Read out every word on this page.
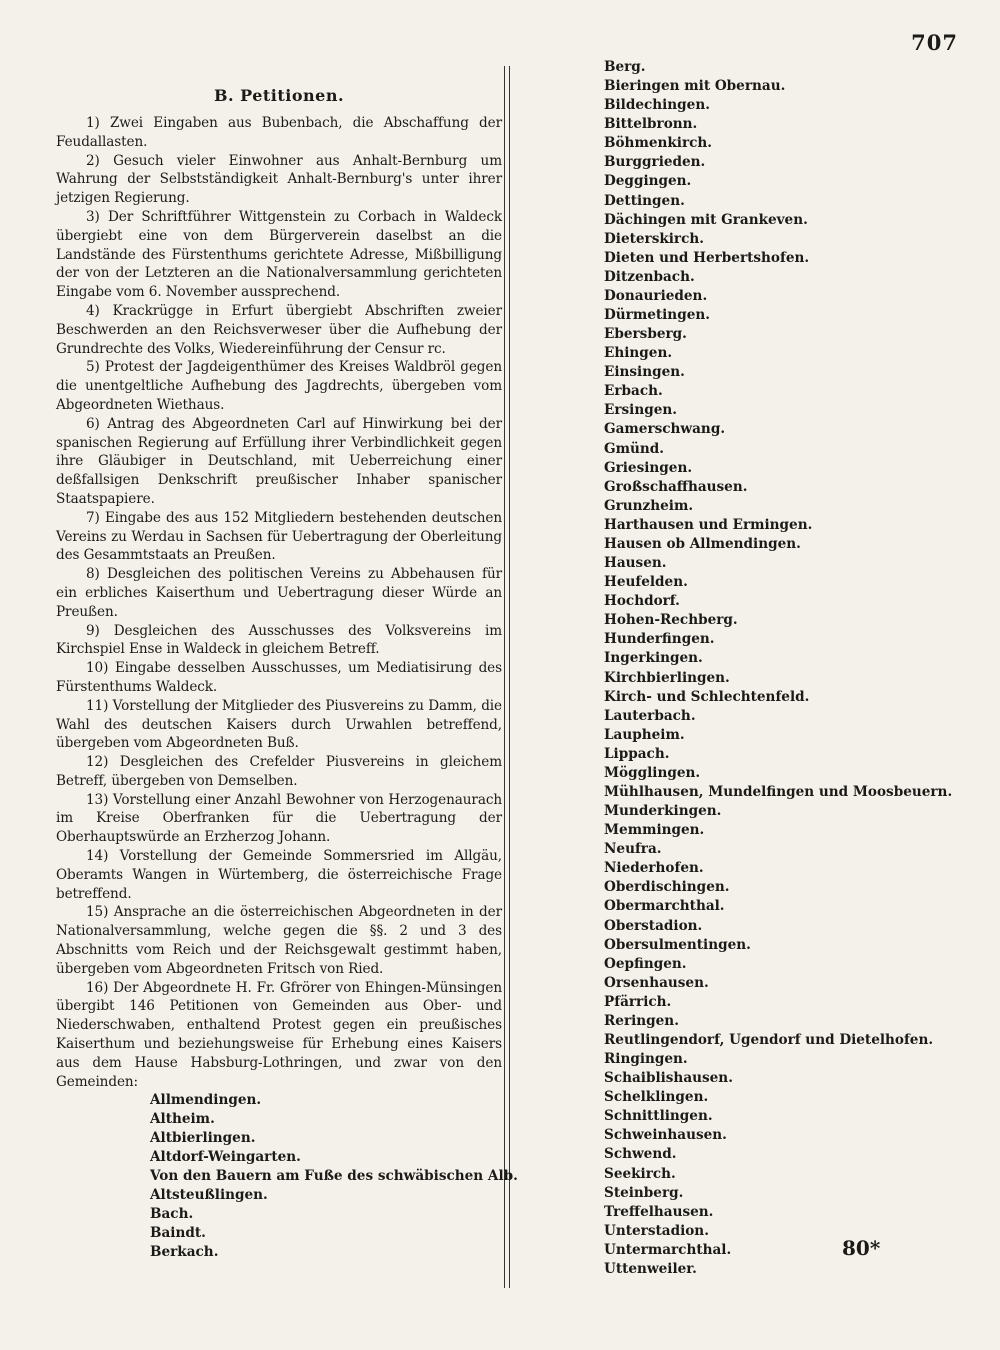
707
B. Petitionen.

1) Zwei Eingaben aus Bubenbach, die Abschaffung der Feudallasten.

2) Gesuch vieler Einwohner aus Anhalt-Bernburg um Wahrung der Selbstständigkeit Anhalt-Bernburg's unter ihrer jetzigen Regierung.

3) Der Schriftführer Wittgenstein zu Corbach in Waldeck übergiebt eine von dem Bürgerverein daselbst an die Landstände des Fürstenthums gerichtete Adresse, Mißbilligung der von der Letzteren an die Nationalversammlung gerichteten Eingabe vom 6. November aussprechend.

4) Krackrügge in Erfurt übergiebt Abschriften zweier Beschwerden an den Reichsverweser über die Aufhebung der Grundrechte des Volks, Wiedereinführung der Censur rc.

5) Protest der Jagdeigenthümer des Kreises Waldbröl gegen die unentgeltliche Aufhebung des Jagdrechts, übergeben vom Abgeordneten Wiethaus.

6) Antrag des Abgeordneten Carl auf Hinwirkung bei der spanischen Regierung auf Erfüllung ihrer Verbindlichkeit gegen ihre Gläubiger in Deutschland, mit Ueberreichung einer deßfallsigen Denkschrift preußischer Inhaber spanischer Staatspapiere.

7) Eingabe des aus 152 Mitgliedern bestehenden deutschen Vereins zu Werdau in Sachsen für Uebertragung der Oberleitung des Gesammtstaats an Preußen.

8) Desgleichen des politischen Vereins zu Abbehausen für ein erbliches Kaiserthum und Uebertragung dieser Würde an Preußen.

9) Desgleichen des Ausschusses des Volksvereins im Kirchspiel Ense in Waldeck in gleichem Betreff.

10) Eingabe desselben Ausschusses, um Mediatisirung des Fürstenthums Waldeck.

11) Vorstellung der Mitglieder des Piusvereins zu Damm, die Wahl des deutschen Kaisers durch Urwahlen betreffend, übergeben vom Abgeordneten Buß.

12) Desgleichen des Crefelder Piusvereins in gleichem Betreff, übergeben von Demselben.

13) Vorstellung einer Anzahl Bewohner von Herzogenaurach im Kreise Oberfranken für die Uebertragung der Oberhauptswürde an Erzherzog Johann.

14) Vorstellung der Gemeinde Sommersried im Allgäu, Oberamts Wangen in Würtemberg, die österreichische Frage betreffend.

15) Ansprache an die österreichischen Abgeordneten in der Nationalversammlung, welche gegen die §§. 2 und 3 des Abschnitts vom Reich und der Reichsgewalt gestimmt haben, übergeben vom Abgeordneten Fritsch von Ried.

16) Der Abgeordnete H. Fr. Gfrörer von Ehingen-Münsingen übergibt 146 Petitionen von Gemeinden aus Ober- und Niederschwaben, enthaltend Protest gegen ein preußisches Kaiserthum und beziehungsweise für Erhebung eines Kaisers aus dem Hause Habsburg-Lothringen, und zwar von den Gemeinden:

Allmendingen.
Altheim.
Altbierlingen.
Altdorf-Weingarten.
Von den Bauern am Fuße des schwäbischen Alb.
Altsteußlingen.
Bach.
Baindt.
Berkach.
Berg.
Bieringen mit Obernau.
Bildechingen.
Bittelbronn.
Böhmenkirch.
Burggrieden.
Deggingen.
Dettingen.
Dächingen mit Grankeven.
Dieterskirch.
Dieten und Herbertshofen.
Ditzenbach.
Donaurieden.
Dürmetingen.
Ebersberg.
Ehingen.
Einsingen.
Erbach.
Ersingen.
Gamerschwang.
Gmünd.
Griesingen.
Großschaffhausen.
Grunzheim.
Harthausen und Ermingen.
Hausen ob Allmendingen.
Hausen.
Heufelden.
Hochdorf.
Hohen-Rechberg.
Hunderfingen.
Ingerkingen.
Kirchbierlingen.
Kirch- und Schlechtenfeld.
Lauterbach.
Laupheim.
Lippach.
Mögglingen.
Mühlhausen, Mundelfingen und Moosbeuern.
Munderkingen.
Memmingen.
Neufra.
Niederhofen.
Oberdischingen.
Obermarchthal.
Oberstadion.
Obersulmentingen.
Oepfingen.
Orsenhausen.
Pfärrich.
Reringen.
Reutlingendorf, Ugendorf und Dietelhofen.
Ringingen.
Schaiblishausen.
Schelklingen.
Schnittlingen.
Schweinhausen.
Schwend.
Seekirch.
Steinberg.
Treffelhausen.
Unterstadion.
Untermarchthal.
Uttenweiler.
80*
